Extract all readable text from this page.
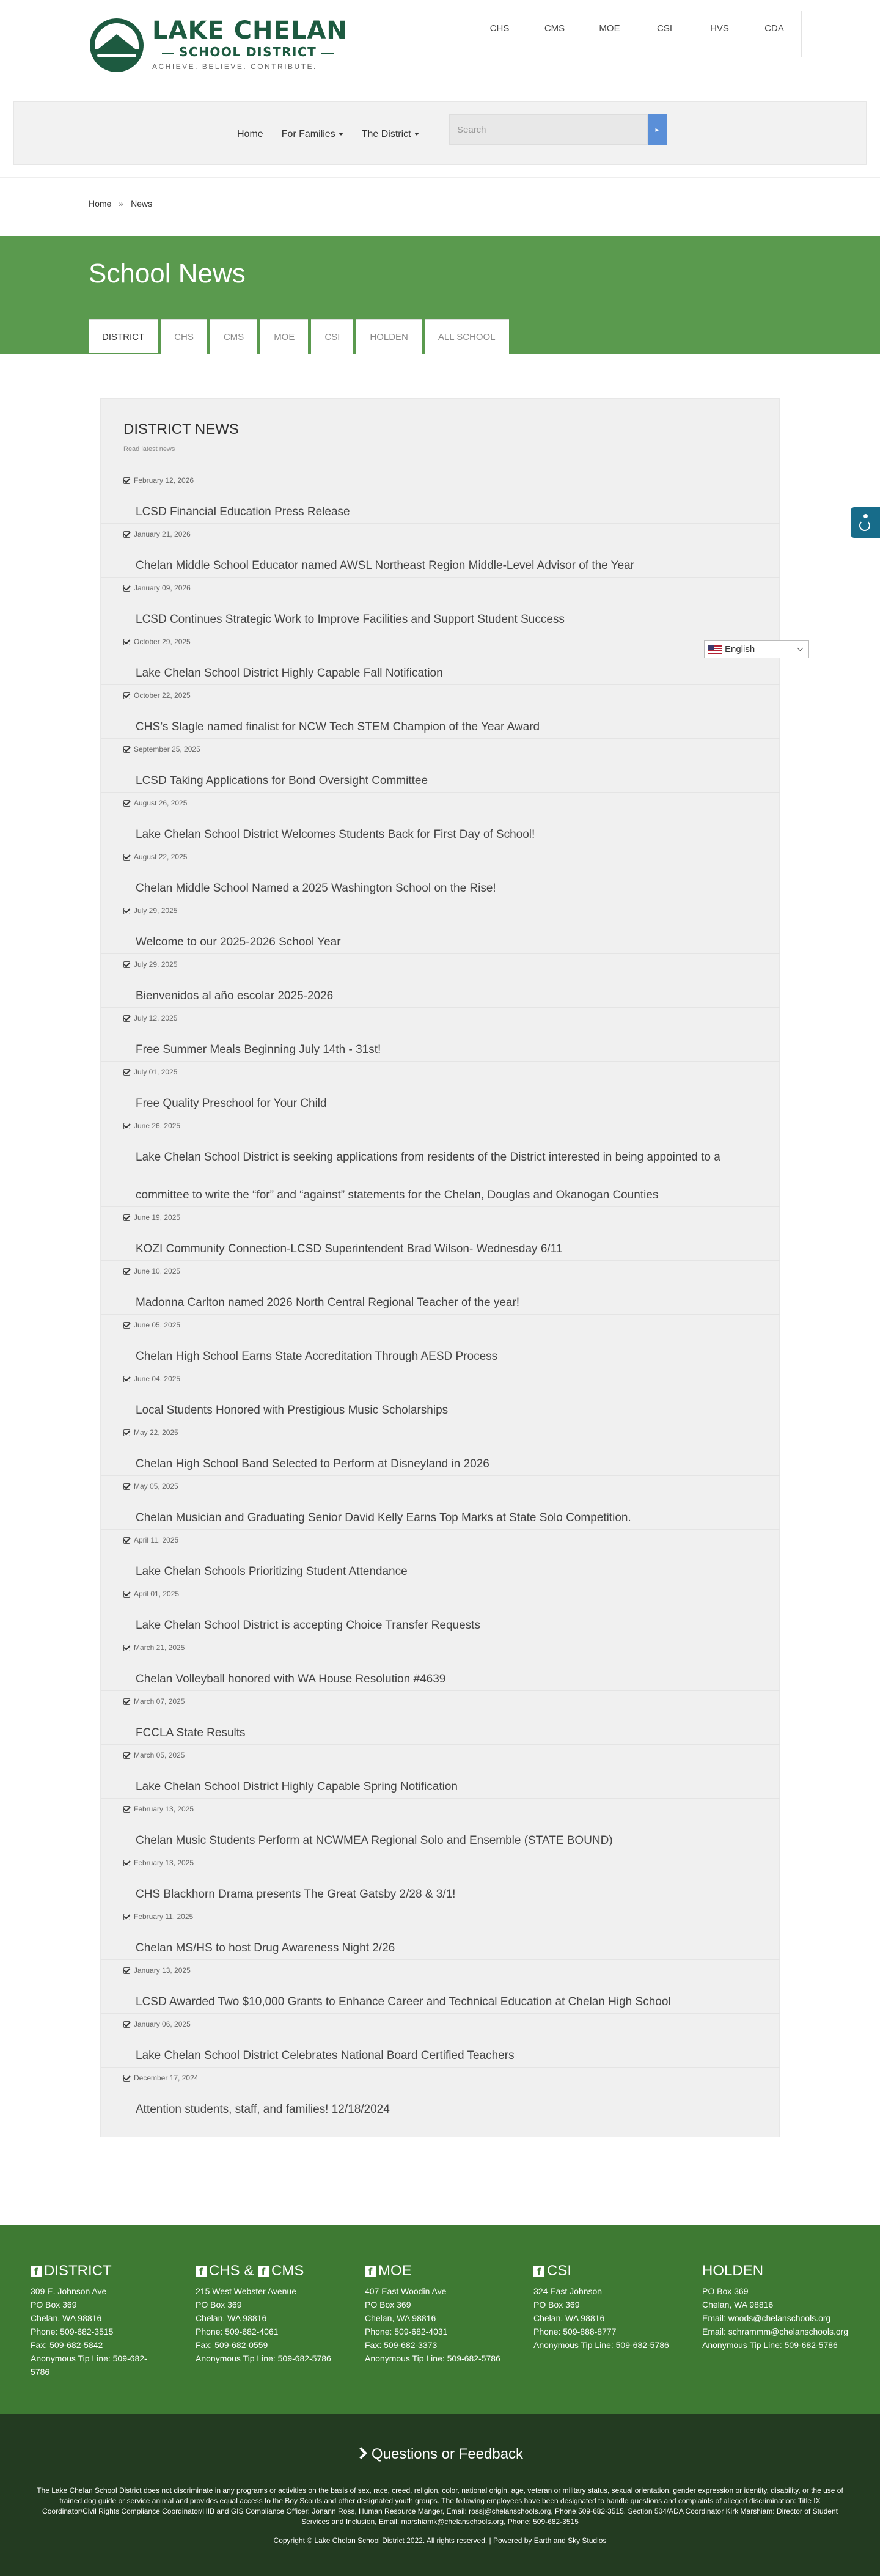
LAKE CHELAN
SCHOOL DISTRICT
ACHIEVE. BELIEVE. CONTRIBUTE.
CHS	CMS	MOE	CSI	HVS	CDA
Home For Families	The District
Search	▸
Home » News
School News
DISTRICT	CHS	CMS	MOE	CSI	HOLDEN	ALL SCHOOL
DISTRICT NEWS
Read latest news
February 12, 2026
LCSD Financial Education Press Release
January 21, 2026
Chelan Middle School Educator named AWSL Northeast Region Middle-Level Advisor of the Year
January 09, 2026
LCSD Continues Strategic Work to Improve Facilities and Support Student Success
October 29, 2025
Lake Chelan School District Highly Capable Fall Notification
October 22, 2025
CHS’s Slagle named finalist for NCW Tech STEM Champion of the Year Award
September 25, 2025
LCSD Taking Applications for Bond Oversight Committee
August 26, 2025
Lake Chelan School District Welcomes Students Back for First Day of School!
August 22, 2025
Chelan Middle School Named a 2025 Washington School on the Rise!
July 29, 2025
Welcome to our 2025-2026 School Year
July 29, 2025
Bienvenidos al año escolar 2025-2026
July 12, 2025
Free Summer Meals Beginning July 14th - 31st!
July 01, 2025
Free Quality Preschool for Your Child
June 26, 2025
Lake Chelan School District is seeking applications from residents of the District interested in being appointed to a committee to write the “for” and “against” statements for the Chelan, Douglas and Okanogan Counties
June 19, 2025
KOZI Community Connection-LCSD Superintendent Brad Wilson- Wednesday 6/11
June 10, 2025
Madonna Carlton named 2026 North Central Regional Teacher of the year!
June 05, 2025
Chelan High School Earns State Accreditation Through AESD Process
June 04, 2025
Local Students Honored with Prestigious Music Scholarships
May 22, 2025
Chelan High School Band Selected to Perform at Disneyland in 2026
May 05, 2025
Chelan Musician and Graduating Senior David Kelly Earns Top Marks at State Solo Competition.
April 11, 2025
Lake Chelan Schools Prioritizing Student Attendance
April 01, 2025
Lake Chelan School District is accepting Choice Transfer Requests
March 21, 2025
Chelan Volleyball honored with WA House Resolution #4639
March 07, 2025
FCCLA State Results
March 05, 2025
Lake Chelan School District Highly Capable Spring Notification
February 13, 2025
Chelan Music Students Perform at NCWMEA Regional Solo and Ensemble (STATE BOUND)
February 13, 2025
CHS Blackhorn Drama presents The Great Gatsby 2/28 & 3/1!
February 11, 2025
Chelan MS/HS to host Drug Awareness Night 2/26
January 13, 2025
LCSD Awarded Two $10,000 Grants to Enhance Career and Technical Education at Chelan High School
January 06, 2025
Lake Chelan School District Celebrates National Board Certified Teachers
December 17, 2024
Attention students, staff, and families! 12/18/2024
English
f DISTRICT

309 E. Johnson Ave
PO Box 369
Chelan, WA 98816
Phone: 509-682-3515
Fax: 509-682-5842
Anonymous Tip Line: 509-682-5786

f CHS & f CMS

215 West Webster Avenue
PO Box 369
Chelan, WA 98816
Phone: 509-682-4061
Fax: 509-682-0559
Anonymous Tip Line: 509-682-5786

f MOE

407 East Woodin Ave
PO Box 369
Chelan, WA 98816
Phone: 509-682-4031
Fax: 509-682-3373
Anonymous Tip Line: 509-682-5786

f CSI

324 East Johnson
PO Box 369
Chelan, WA 98816
Phone: 509-888-8777
Anonymous Tip Line: 509-682-5786

HOLDEN

PO Box 369
Chelan, WA 98816
Email: woods@chelanschools.org
Email: schrammm@chelanschools.org
Anonymous Tip Line: 509-682-5786

Questions or Feedback
The Lake Chelan School District does not discriminate in any programs or activities on the basis of sex, race, creed, religion, color, national origin, age, veteran or military status, sexual orientation, gender expression or identity, disability, or the use of trained dog guide or service animal and provides equal access to the Boy Scouts and other designated youth groups. The following employees have been designated to handle questions and complaints of alleged discrimination: Title IX Coordinator/Civil Rights Compliance Coordinator/HIB and GIS Compliance Officer: Jonann Ross, Human Resource Manger, Email: rossj@chelanschools.org, Phone:509-682-3515. Section 504/ADA Coordinator Kirk Marshiam: Director of Student Services and Inclusion, Email: marshiamk@chelanschools.org, Phone: 509-682-3515
Copyright © Lake Chelan School District 2022. All rights reserved. | Powered by Earth and Sky Studios
